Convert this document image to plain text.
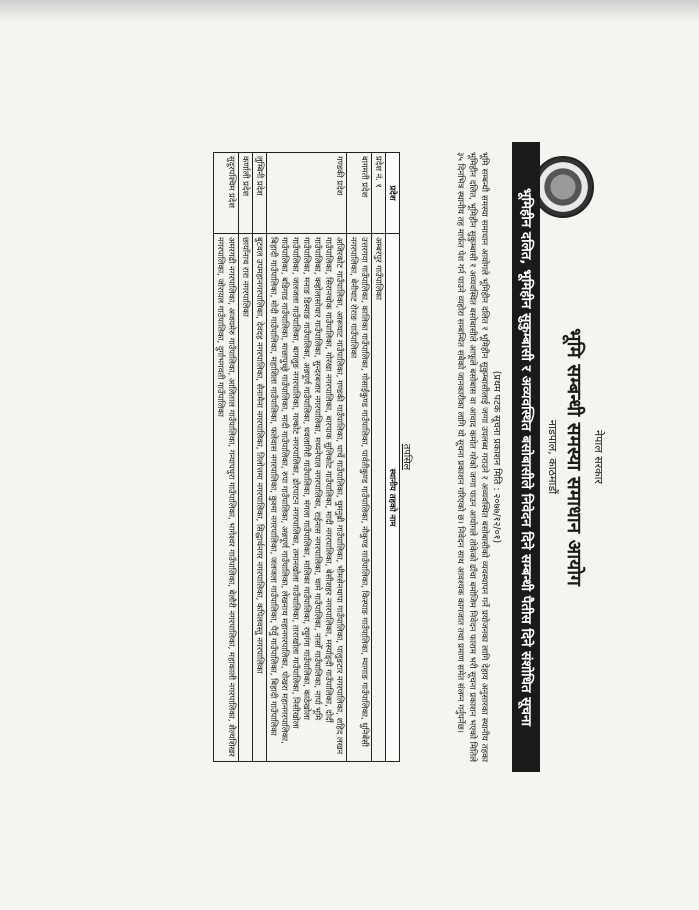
नेपाल सरकार
भूमि सम्बन्धी समस्या समाधान आयोग
नाडपाल, काठमाडौं
भूमिहीन दलित, भूमिहीन सुकुम्बासी र अव्यवस्थित बसोबासीले निवेदन दिने सम्बन्धी पैतीस दिने संशोधित सूचना
(प्रथम पटक सूचना प्रकाशन मिति : २०७७/१२/०१)

भूमि सम्बन्धी समस्या समाधान आयोगले भूमिहीन दलित र भूमिहीन सुकुम्बासीलाई जग्गा उपलब्ध गराउने र अव्यवस्थित बसोबासीको व्यवस्थापन गर्ने प्रयोजनका लागि देहाय अनुसारका स्थानीय तहका भूमिहीन दलित, भूमिहीन सुकुम्बासी र अव्यवस्थित बसोबासीले आफूले बसोबास वा आवाद कमाेत गरेको जग्गा पाउन आयोगले तोकेको ढाँचा बमोजिम निवेदन फाराम भरी सूचना प्रकाशन भएको मितिले ३५ दिनभित्र स्थानीय तह मार्फत पेश गर्न पाउने व्यहोरा सम्बन्धित सबैको जानकारीका लागि यो सूचना प्रकाशन गरिएको छ। निवेदन साथ आवश्यक कागजात तथा प्रमाण समेत संलग्न गर्नुपर्नेछ।

तपसिल
प्रदेश	स्थानीय तहको नाम
प्रदेश नं. १	अम्बरपुर गाउँपालिका
बागमती प्रदेश	उत्तरगया गाउँपालिका, कालिका गाउँपालिका, गोसाईंकुण्ड गाउँपालिका, पार्वतीकुण्ड गाउँपालिका, नौकुण्ड गाउँपालिका, किस्पाङ गाउँपालिका, म्यागाङ गाउँपालिका, धुनिबेंसी नगरपालिका, बेनीघाट रोराङ गाउँपालिका
गण्डकी प्रदेश	अजिरकोट गाउँपालिका, आरूघाट गाउँपालिका, गण्डकी गाउँपालिका, धार्चे गाउँपालिका, चुमनुब्री गाउँपालिका, भीमसेनथापा गाउँपालिका, पालुङटार नगरपालिका, शहिद लखन गाउँपालिका, सिरानचोक गाउँपालिका, गोरखा नगरपालिका, बारपाक सुलिकोट गाउँपालिका, मादी नगरपालिका, बेसीशहर नगरपालिका, मर्स्याङ्दी गाउँपालिका, दोर्दी गाउँपालिका, क्व्होलासोथार गाउँपालिका, सुन्दरबजार नगरपालिका, मध्यनेपाल नगरपालिका, राईनास नगरपालिका, चामे गाउँपालिका, नासोँ गाउँपालिका, नार्पा भूमि गाउँपालिका, मनाङ डिस्याङ गाउँपालिका, अन्नपूर्ण गाउँपालिका, धवलागिरी गाउँपालिका, मंगला गाउँपालिका, मालिका गाउँपालिका, रघुगंगा गाउँपालिका, काठेखोला गाउँपालिका, जलजला गाउँपालिका, बागलुङ नगरपालिका, गल्कोट नगरपालिका, ढोरपाटन नगरपालिका, तमानखोला गाउँपालिका, ताराखोला गाउँपालिका, निसीखोला गाउँपालिका, बडिगाड गाउँपालिका, माछापुच्छ्रे गाउँपालिका, मादी गाउँपालिका, रुपा गाउँपालिका, अन्नपूर्ण गाउँपालिका, लेखनाथ महानगरपालिका, पोखरा महानगरपालिका, बिहादी गाउँपालिका, मोदी गाउँपालिका, महाशिला गाउँपालिका, फलेवास नगरपालिका, कुश्मा नगरपालिका, जलजला गाउँपालिका, पैयुँ गाउँपालिका, बिहादी गाउँपालिका
लुम्बिनी प्रदेश	बुटवल उपमहानगरपालिका, देवदह नगरपालिका, सैनामैना नगरपालिका, तिलोत्तमा नगरपालिका, सिद्धार्थनगर नगरपालिका, कपिलवस्तु नगरपालिका
कर्णाली प्रदेश	छायाँनाथ रारा नगरपालिका
सुदूरपश्चिम प्रदेश	अमरगढी नगरपालिका, अजयमेरु गाउँपालिका, आलिताल गाउँपालिका, गन्यापधुरा गाउँपालिका, भागेश्वर गाउँपालिका, बेलौरी नगरपालिका, महाकाली नगरपालिका, शैल्यशिखर नगरपालिका, जोरायल गाउँपालिका, दुर्गाभगवती गाउँपालिका
